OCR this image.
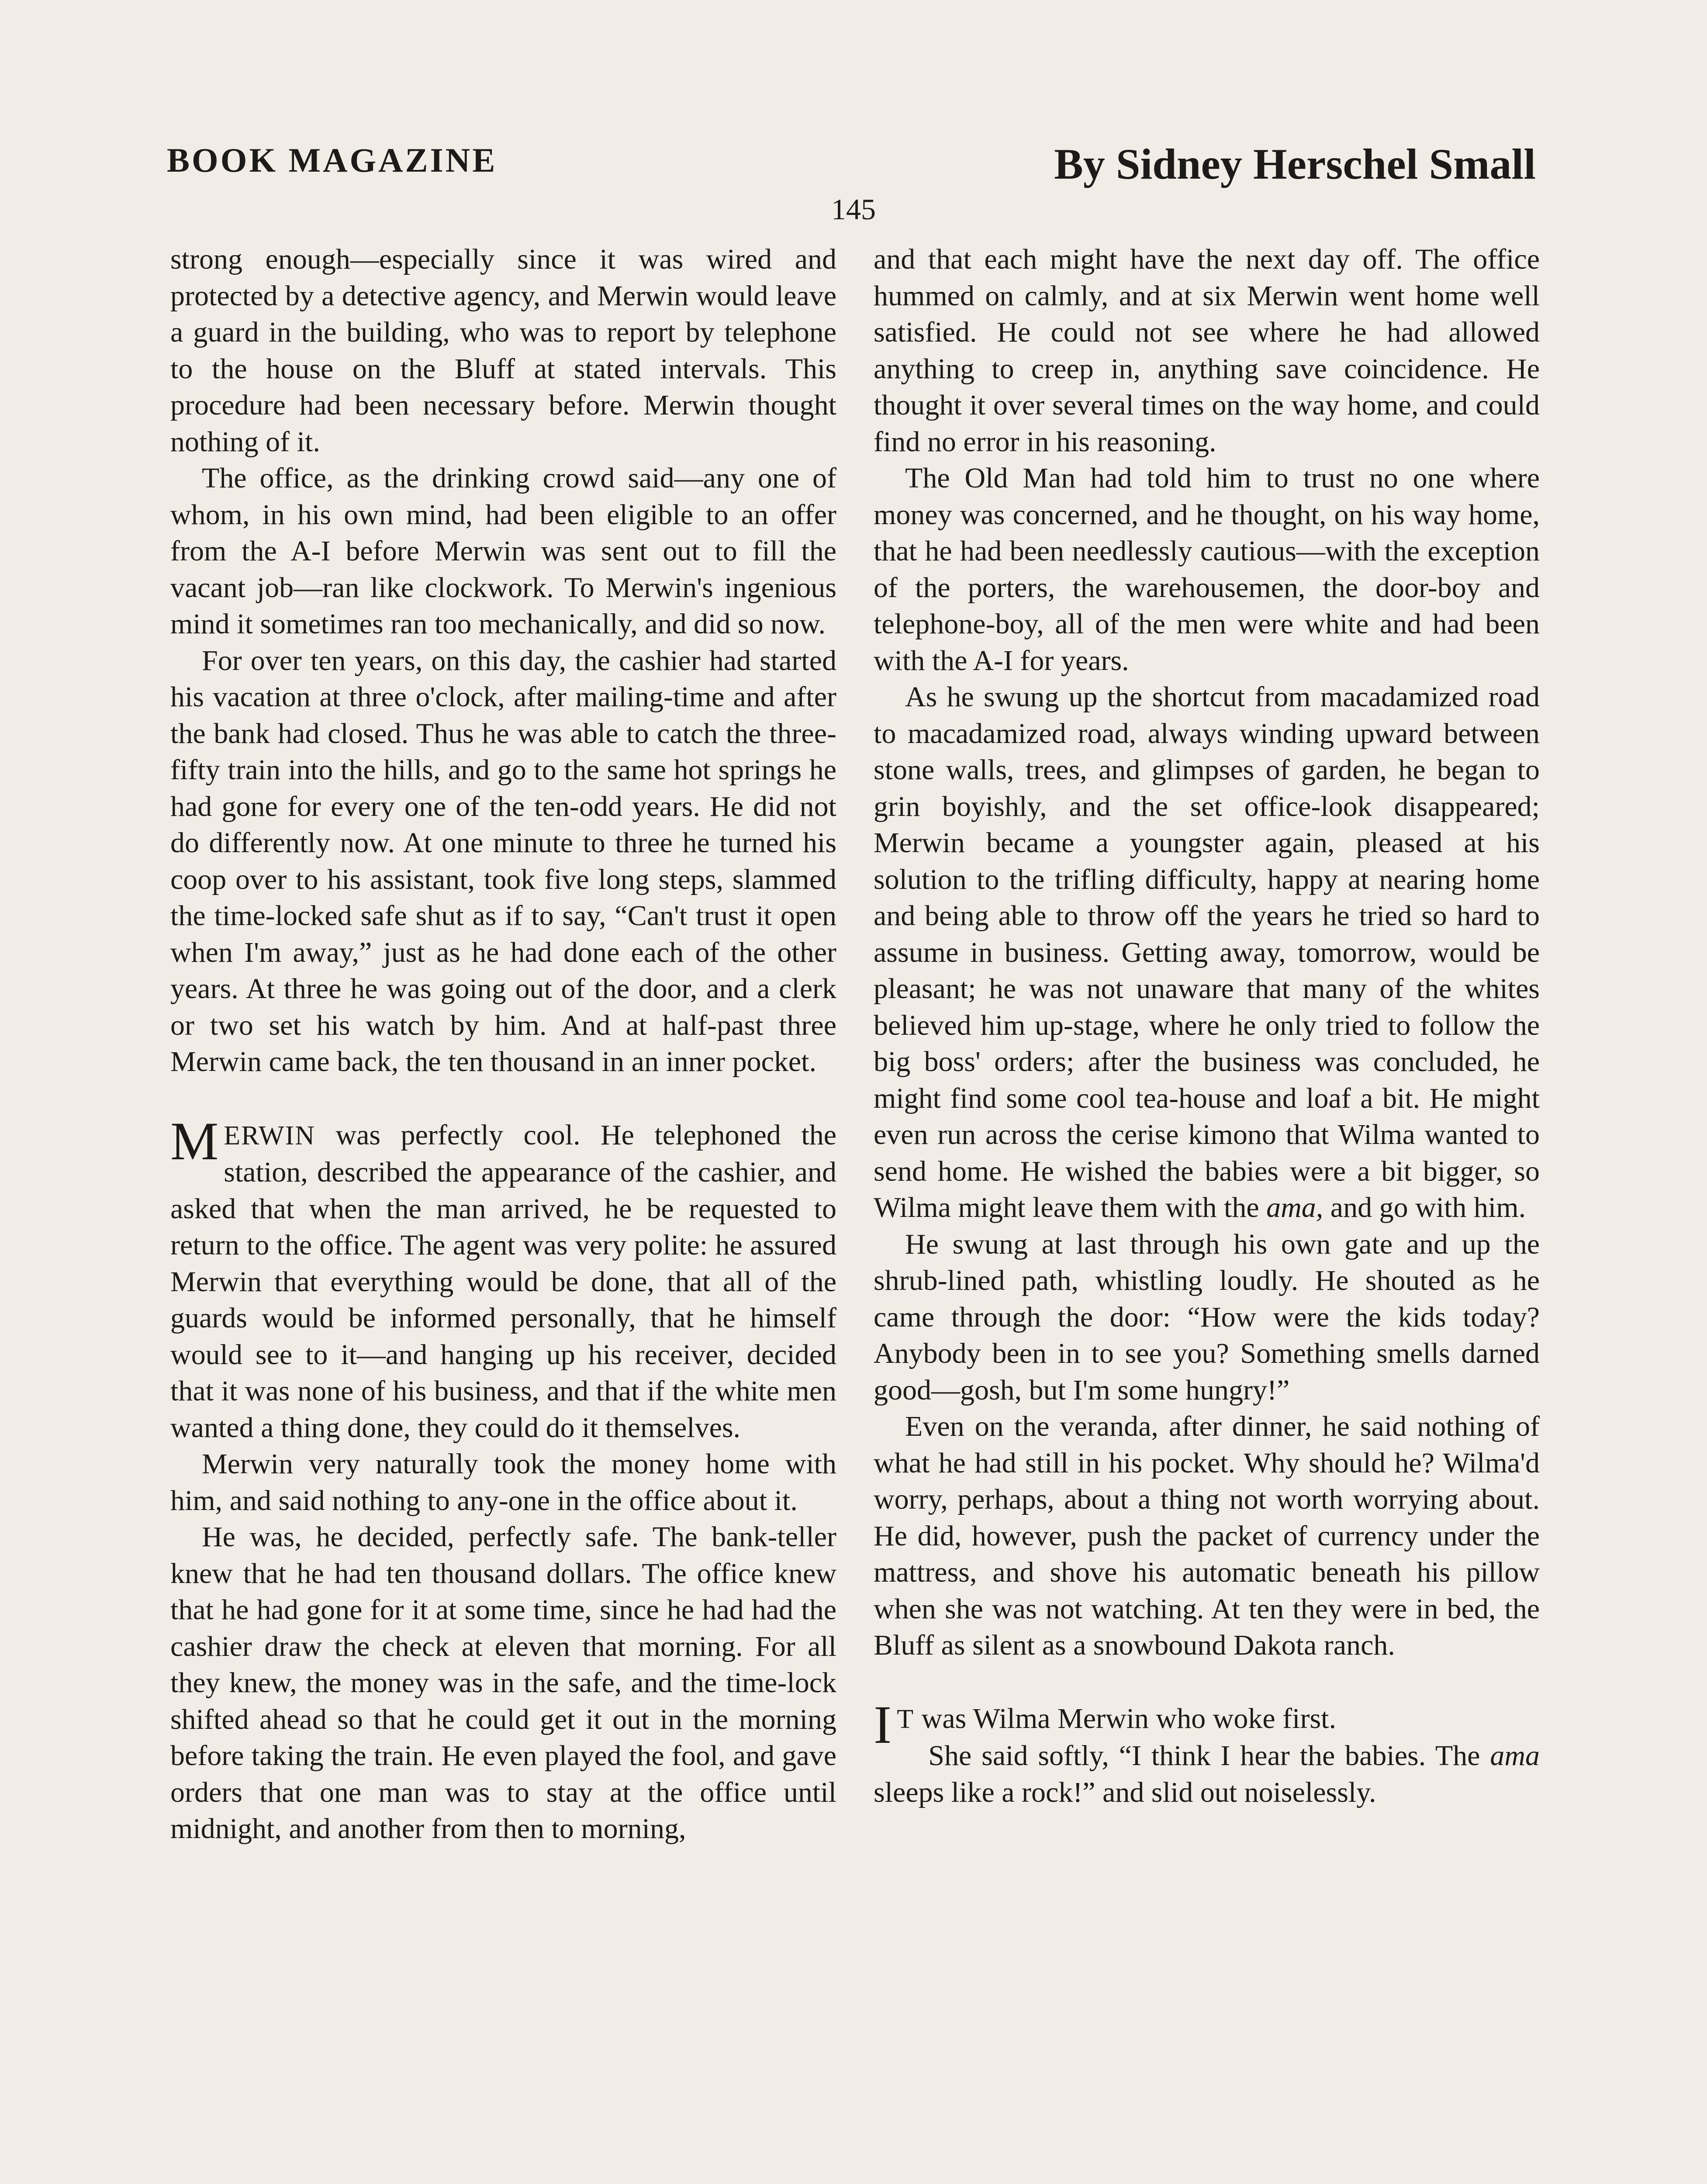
BOOK MAGAZINE	By Sidney Herschel Small
145

strong enough—especially since it was wired and protected by a detective agency, and Merwin would leave a guard in the building, who was to report by telephone to the house on the Bluff at stated intervals. This procedure had been necessary before. Merwin thought nothing of it.

The office, as the drinking crowd said—any one of whom, in his own mind, had been eligible to an offer from the A-I before Merwin was sent out to fill the vacant job—ran like clockwork. To Merwin's ingenious mind it sometimes ran too mechanically, and did so now.

For over ten years, on this day, the cashier had started his vacation at three o'clock, after mailing-time and after the bank had closed. Thus he was able to catch the three-fifty train into the hills, and go to the same hot springs he had gone for every one of the ten-odd years. He did not do differently now. At one minute to three he turned his coop over to his assistant, took five long steps, slammed the time-locked safe shut as if to say, “Can't trust it open when I'm away,” just as he had done each of the other years. At three he was going out of the door, and a clerk or two set his watch by him. And at half-past three Merwin came back, the ten thousand in an inner pocket.

MERWIN was perfectly cool. He telephoned the station, described the appearance of the cashier, and asked that when the man arrived, he be requested to return to the office. The agent was very polite: he assured Merwin that everything would be done, that all of the guards would be informed personally, that he himself would see to it—and hanging up his receiver, decided that it was none of his business, and that if the white men wanted a thing done, they could do it themselves.

Merwin very naturally took the money home with him, and said nothing to any-one in the office about it.

He was, he decided, perfectly safe. The bank-teller knew that he had ten thousand dollars. The office knew that he had gone for it at some time, since he had had the cashier draw the check at eleven that morning. For all they knew, the money was in the safe, and the time-lock shifted ahead so that he could get it out in the morning before taking the train. He even played the fool, and gave orders that one man was to stay at the office until midnight, and another from then to morning,

and that each might have the next day off. The office hummed on calmly, and at six Merwin went home well satisfied. He could not see where he had allowed anything to creep in, anything save coincidence. He thought it over several times on the way home, and could find no error in his reasoning.

The Old Man had told him to trust no one where money was concerned, and he thought, on his way home, that he had been needlessly cautious—with the exception of the porters, the warehousemen, the door-boy and telephone-boy, all of the men were white and had been with the A-I for years.

As he swung up the shortcut from macadamized road to macadamized road, always winding upward between stone walls, trees, and glimpses of garden, he began to grin boyishly, and the set office-look disappeared; Merwin became a youngster again, pleased at his solution to the trifling difficulty, happy at nearing home and being able to throw off the years he tried so hard to assume in business. Getting away, tomorrow, would be pleasant; he was not unaware that many of the whites believed him up-stage, where he only tried to follow the big boss' orders; after the business was concluded, he might find some cool tea-house and loaf a bit. He might even run across the cerise kimono that Wilma wanted to send home. He wished the babies were a bit bigger, so Wilma might leave them with the ama, and go with him.

He swung at last through his own gate and up the shrub-lined path, whistling loudly. He shouted as he came through the door: “How were the kids today? Anybody been in to see you? Something smells darned good—gosh, but I'm some hungry!”

Even on the veranda, after dinner, he said nothing of what he had still in his pocket. Why should he? Wilma'd worry, perhaps, about a thing not worth worrying about. He did, however, push the packet of currency under the mattress, and shove his automatic beneath his pillow when she was not watching. At ten they were in bed, the Bluff as silent as a snowbound Dakota ranch.

IT was Wilma Merwin who woke first.

She said softly, “I think I hear the babies. The ama sleeps like a rock!” and slid out noiselessly.
